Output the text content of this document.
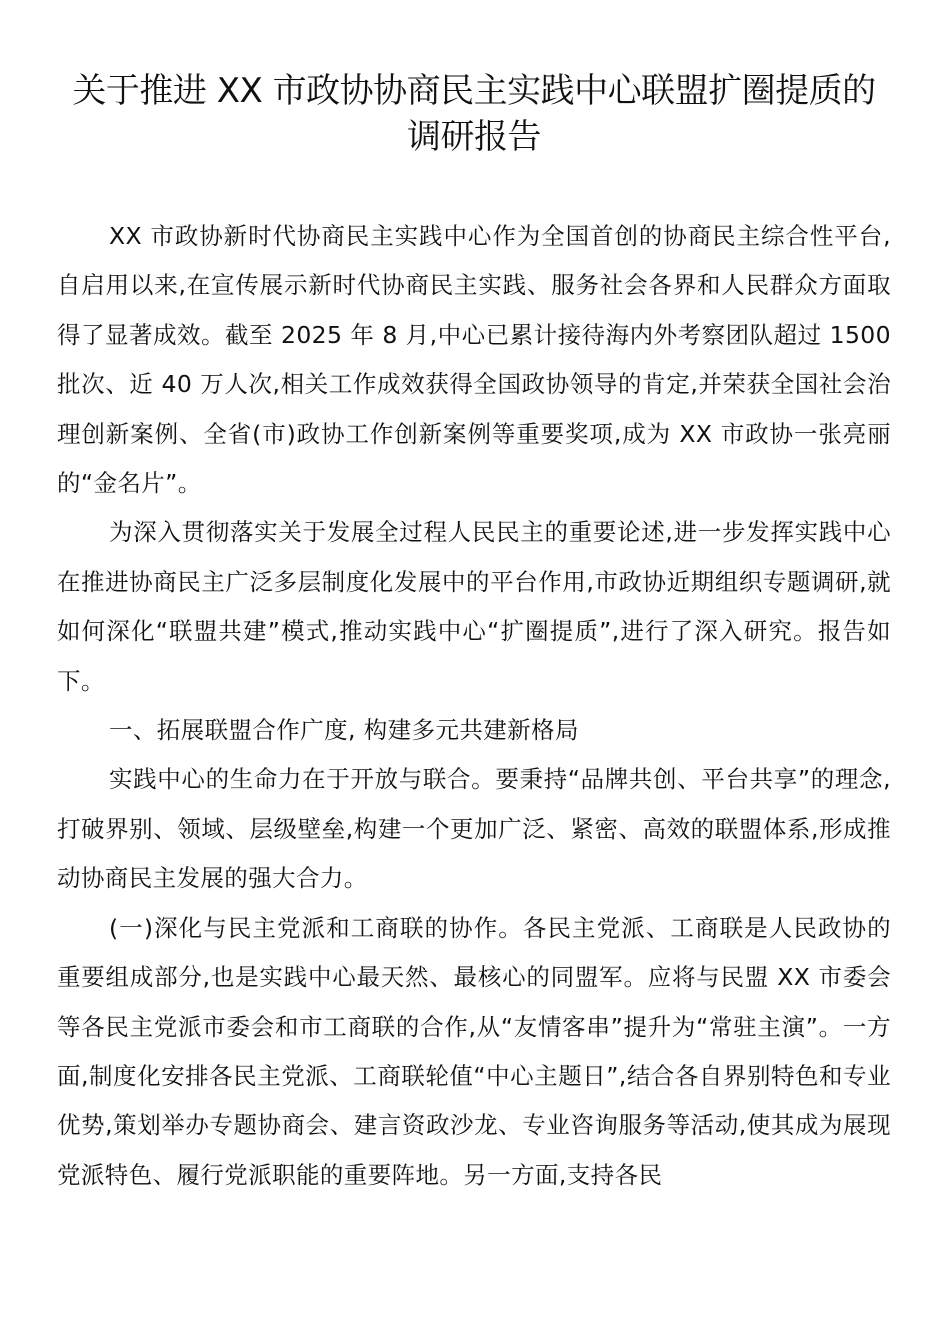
关于推进 XX 市政协协商民主实践中心联盟扩圈提质的
调研报告

XX 市政协新时代协商民主实践中心作为全国首创的协商民主综合性平台,自启用以来,在宣传展示新时代协商民主实践、服务社会各界和人民群众方面取得了显著成效。截至 2025 年 8 月,中心已累计接待海内外考察团队超过 1500 批次、近 40 万人次,相关工作成效获得全国政协领导的肯定,并荣获全国社会治理创新案例、全省(市)政协工作创新案例等重要奖项,成为 XX 市政协一张亮丽的“金名片”。

为深入贯彻落实关于发展全过程人民民主的重要论述,进一步发挥实践中心在推进协商民主广泛多层制度化发展中的平台作用,市政协近期组织专题调研,就如何深化“联盟共建”模式,推动实践中心“扩圈提质”,进行了深入研究。报告如下。

一、拓展联盟合作广度, 构建多元共建新格局

实践中心的生命力在于开放与联合。要秉持“品牌共创、平台共享”的理念,打破界别、领域、层级壁垒,构建一个更加广泛、紧密、高效的联盟体系,形成推动协商民主发展的强大合力。

(一)深化与民主党派和工商联的协作。各民主党派、工商联是人民政协的重要组成部分,也是实践中心最天然、最核心的同盟军。应将与民盟 XX 市委会等各民主党派市委会和市工商联的合作,从“友情客串”提升为“常驻主演”。一方面,制度化安排各民主党派、工商联轮值“中心主题日”,结合各自界别特色和专业优势,策划举办专题协商会、建言资政沙龙、专业咨询服务等活动,使其成为展现党派特色、履行党派职能的重要阵地。另一方面,支持各民
